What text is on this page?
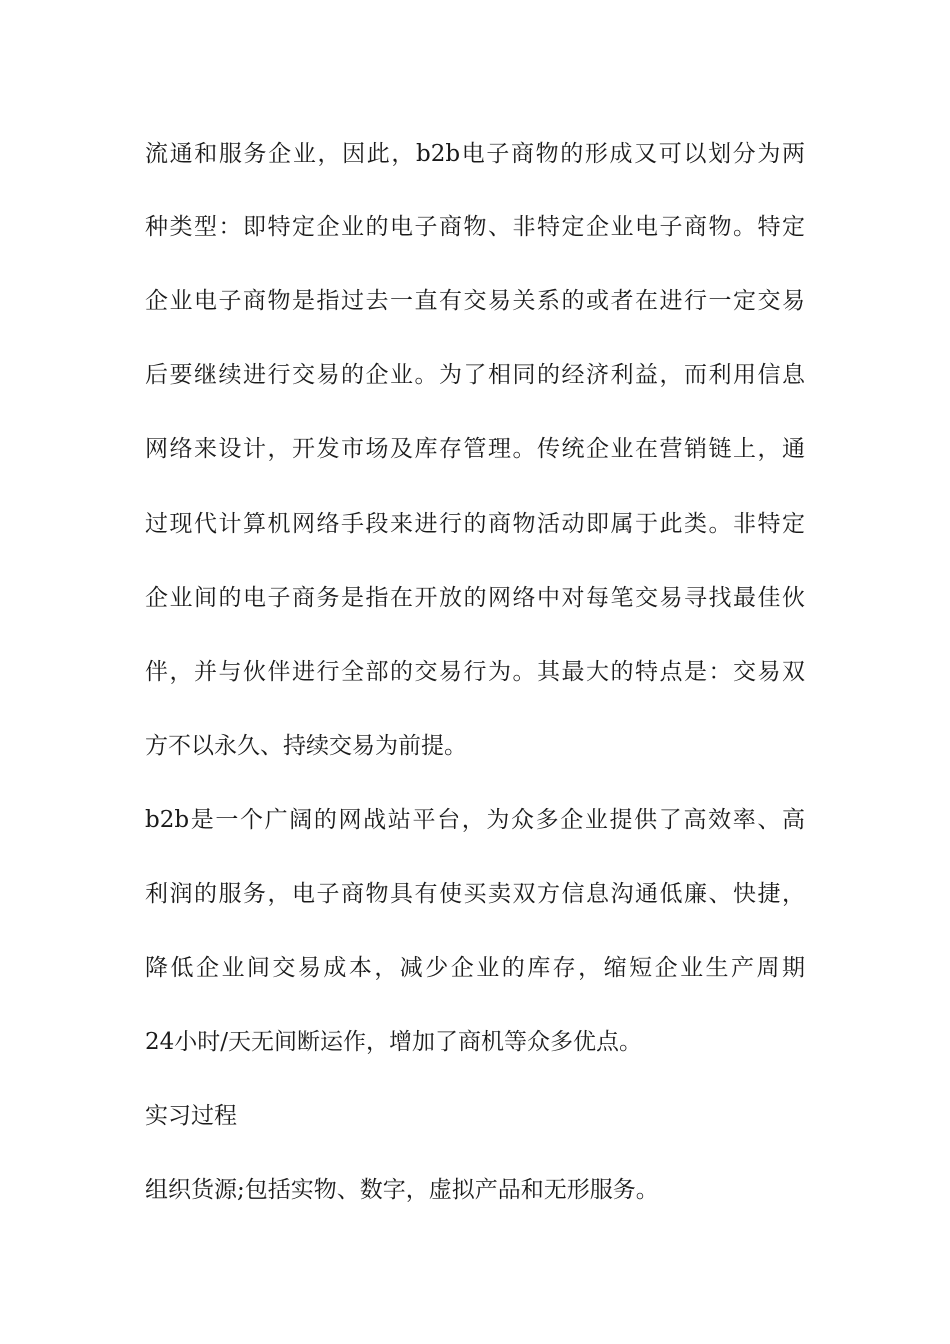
流通和服务企业，因此，b2b电子商物的形成又可以划分为两
种类型：即特定企业的电子商物、非特定企业电子商物。特定
企业电子商物是指过去一直有交易关系的或者在进行一定交易
后要继续进行交易的企业。为了相同的经济利益，而利用信息
网络来设计，开发市场及库存管理。传统企业在营销链上，通
过现代计算机网络手段来进行的商物活动即属于此类。非特定
企业间的电子商务是指在开放的网络中对每笔交易寻找最佳伙
伴，并与伙伴进行全部的交易行为。其最大的特点是：交易双
方不以永久、持续交易为前提。
b2b是一个广阔的网战站平台，为众多企业提供了高效率、高
利润的服务，电子商物具有使买卖双方信息沟通低廉、快捷，
降低企业间交易成本，减少企业的库存，缩短企业生产周期
24小时/天无间断运作，增加了商机等众多优点。
实习过程
组织货源;包括实物、数字，虚拟产品和无形服务。
